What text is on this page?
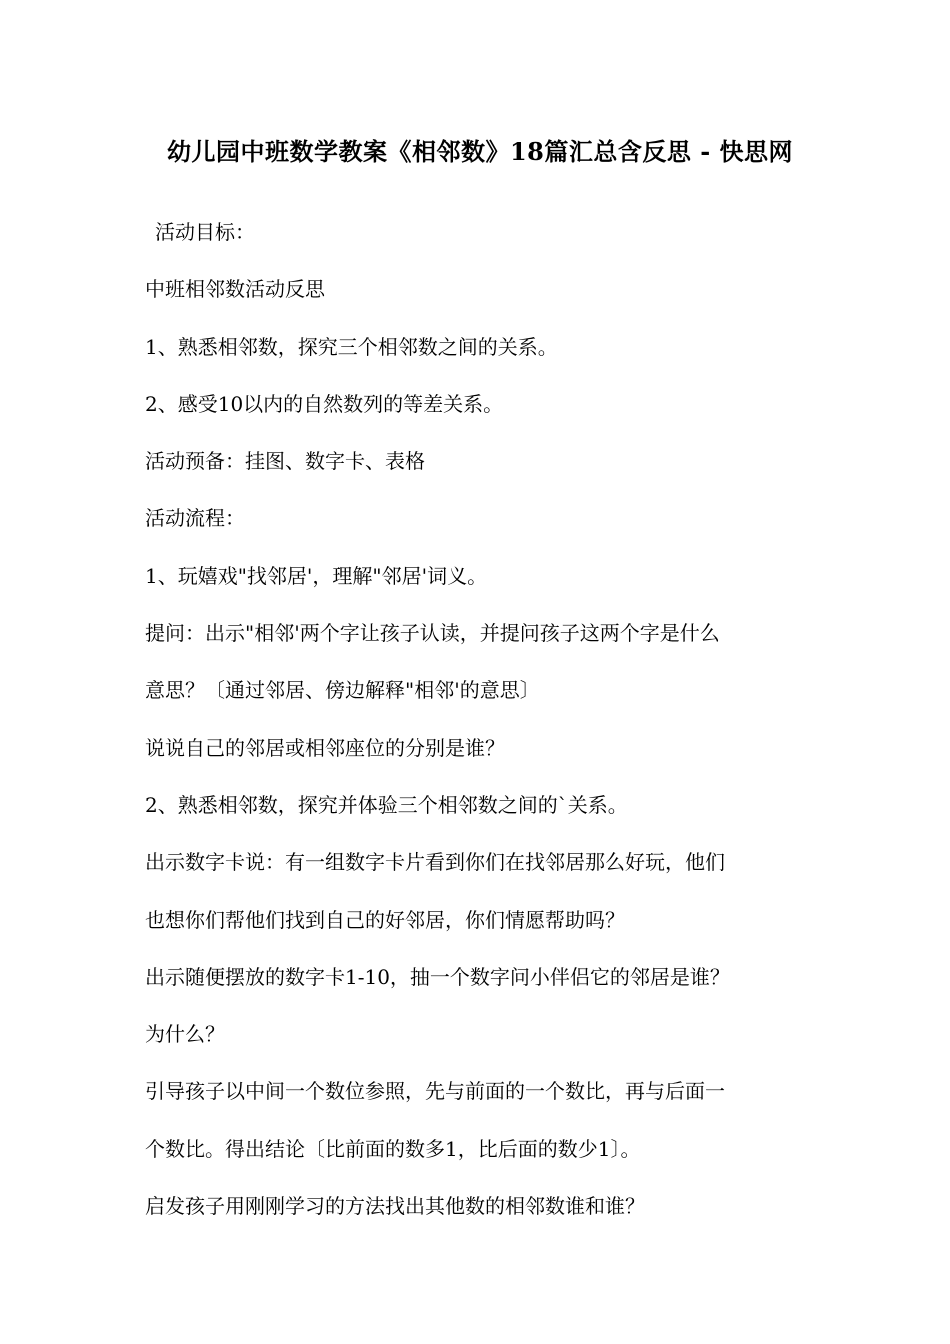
幼儿园中班数学教案《相邻数》18篇汇总含反思 - 快思网

活动目标：

中班相邻数活动反思

1、熟悉相邻数，探究三个相邻数之间的关系。

2、感受10以内的自然数列的等差关系。

活动预备：挂图、数字卡、表格

活动流程：

1、玩嬉戏"找邻居'，理解"邻居'词义。

提问：出示"相邻'两个字让孩子认读，并提问孩子这两个字是什么

意思？〔通过邻居、傍边解释"相邻'的意思〕

说说自己的邻居或相邻座位的分别是谁？

2、熟悉相邻数，探究并体验三个相邻数之间的`关系。

出示数字卡说：有一组数字卡片看到你们在找邻居那么好玩，他们

也想你们帮他们找到自己的好邻居，你们情愿帮助吗？

出示随便摆放的数字卡1-10，抽一个数字问小伴侣它的邻居是谁？

为什么？

引导孩子以中间一个数位参照，先与前面的一个数比，再与后面一

个数比。得出结论〔比前面的数多1，比后面的数少1〕。

启发孩子用刚刚学习的方法找出其他数的相邻数谁和谁？
